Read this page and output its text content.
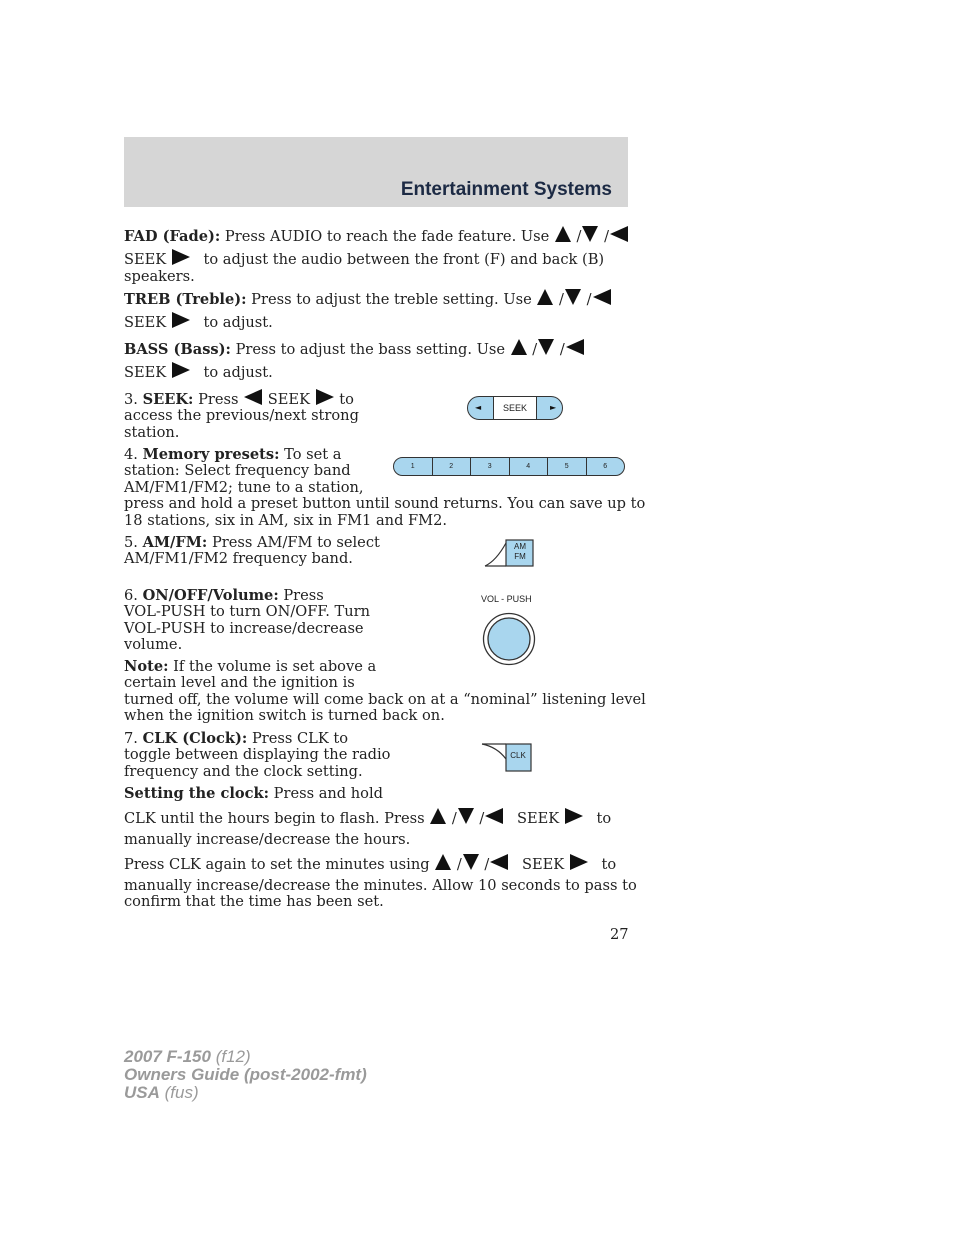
Entertainment Systems
FAD (Fade): Press AUDIO to reach the fade feature. Use  / /
SEEK	to adjust the audio between the front (F) and back (B)
speakers.
TREB (Treble): Press to adjust the treble setting. Use  / /
SEEK	to adjust.
BASS (Bass): Press to adjust the bass setting. Use  / /
SEEK	to adjust.
3. SEEK: Press SEEK to
access the previous/next strong
station.
◄	SEEK	►
4. Memory presets: To set a
station: Select frequency band
AM/FM1/FM2; tune to a station,
press and hold a preset button until sound returns. You can save up to
18 stations, six in AM, six in FM1 and FM2.
1	2	3	4	5	6
5. AM/FM: Press AM/FM to select
AM/FM1/FM2 frequency band.
AM
FM
6. ON/OFF/Volume: Press
VOL-PUSH to turn ON/OFF. Turn
VOL-PUSH to increase/decrease
volume.
VOL - PUSH
Note: If the volume is set above a
certain level and the ignition is
turned off, the volume will come back on at a “nominal” listening level
when the ignition switch is turned back on.
7. CLK (Clock): Press CLK to
toggle between displaying the radio
frequency and the clock setting.
CLK
Setting the clock: Press and hold
CLK until the hours begin to flash. Press  / / SEEK	to
manually increase/decrease the hours.
Press CLK again to set the minutes using  / / SEEK	to
manually increase/decrease the minutes. Allow 10 seconds to pass to
confirm that the time has been set.
27
2007 F-150 (f12)
Owners Guide (post-2002-fmt)
USA (fus)
